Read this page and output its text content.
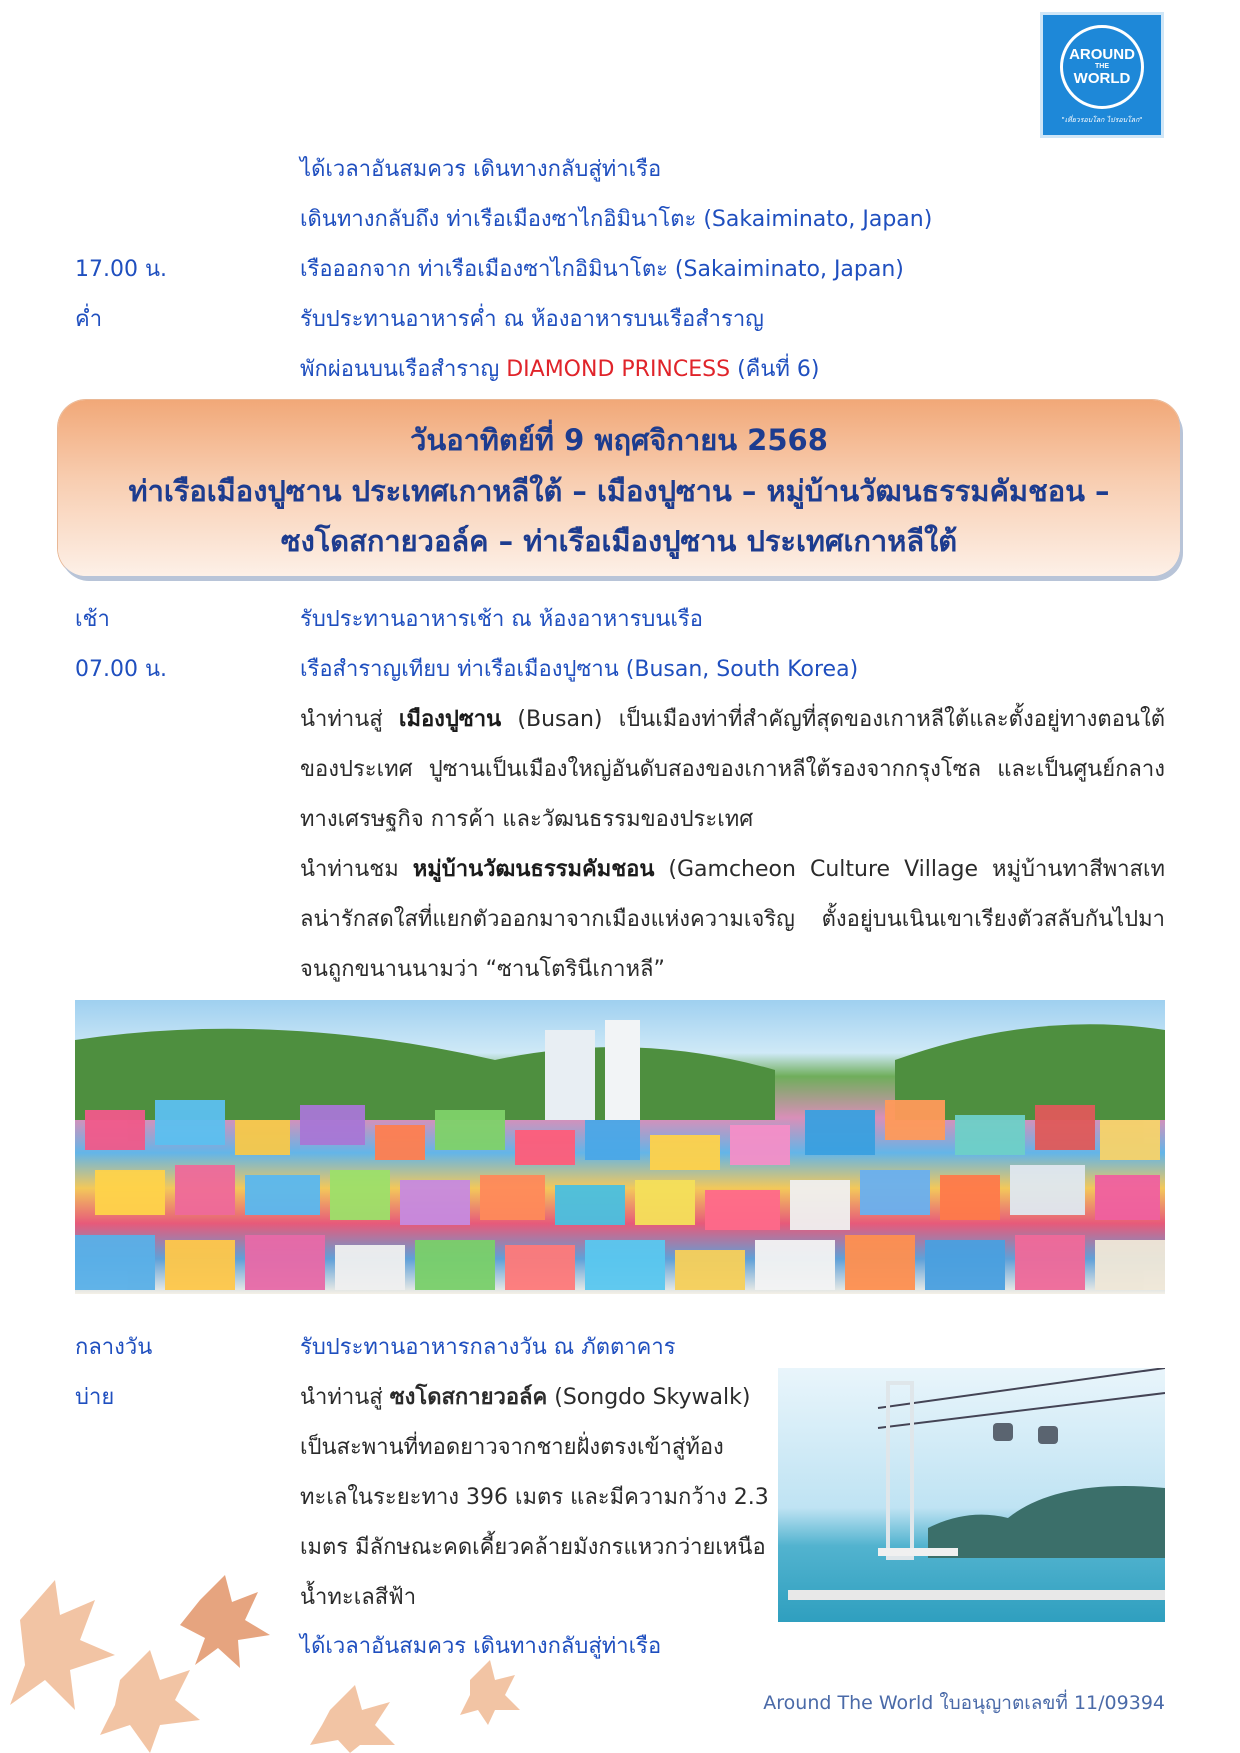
AROUND
THE
WORLD
"เที่ยวรอบโลก ไปรอบโลก"
ได้เวลาอันสมควร เดินทางกลับสู่ท่าเรือ
เดินทางกลับถึง ท่าเรือเมืองซาไกอิมินาโตะ (Sakaiminato, Japan)
17.00 น.	เรือออกจาก ท่าเรือเมืองซาไกอิมินาโตะ (Sakaiminato, Japan)
ค่ำ	รับประทานอาหารค่ำ ณ ห้องอาหารบนเรือสำราญ
พักผ่อนบนเรือสำราญ DIAMOND PRINCESS (คืนที่ 6)
วันอาทิตย์ที่ 9 พฤศจิกายน 2568
ท่าเรือเมืองปูซาน ประเทศเกาหลีใต้ – เมืองปูซาน – หมู่บ้านวัฒนธรรมคัมชอน –
ซงโดสกายวอล์ค – ท่าเรือเมืองปูซาน ประเทศเกาหลีใต้
เช้า	รับประทานอาหารเช้า ณ ห้องอาหารบนเรือ
07.00 น.	เรือสำราญเทียบ ท่าเรือเมืองปูซาน (Busan, South Korea)
นำท่านสู่ เมืองปูซาน (Busan) เป็นเมืองท่าที่สำคัญที่สุดของเกาหลีใต้และตั้งอยู่ทางตอนใต้ของประเทศ ปูซานเป็นเมืองใหญ่อันดับสองของเกาหลีใต้รองจากกรุงโซล และเป็นศูนย์กลางทางเศรษฐกิจ การค้า และวัฒนธรรมของประเทศ
นำท่านชม หมู่บ้านวัฒนธรรมคัมชอน (Gamcheon Culture Village หมู่บ้านทาสีพาสเทลน่ารักสดใสที่แยกตัวออกมาจากเมืองแห่งความเจริญ ตั้งอยู่บนเนินเขาเรียงตัวสลับกันไปมา จนถูกขนานนามว่า “ซานโตรินีเกาหลี”
กลางวัน	รับประทานอาหารกลางวัน ณ ภัตตาคาร
บ่าย	นำท่านสู่ ซงโดสกายวอล์ค (Songdo Skywalk) เป็นสะพานที่ทอดยาวจากชายฝั่งตรงเข้าสู่ท้องทะเลในระยะทาง 396 เมตร และมีความกว้าง 2.3 เมตร มีลักษณะคดเคี้ยวคล้ายมังกรแหวกว่ายเหนือน้ำทะเลสีฟ้า
ได้เวลาอันสมควร เดินทางกลับสู่ท่าเรือ
Around The World ใบอนุญาตเลขที่ 11/09394
